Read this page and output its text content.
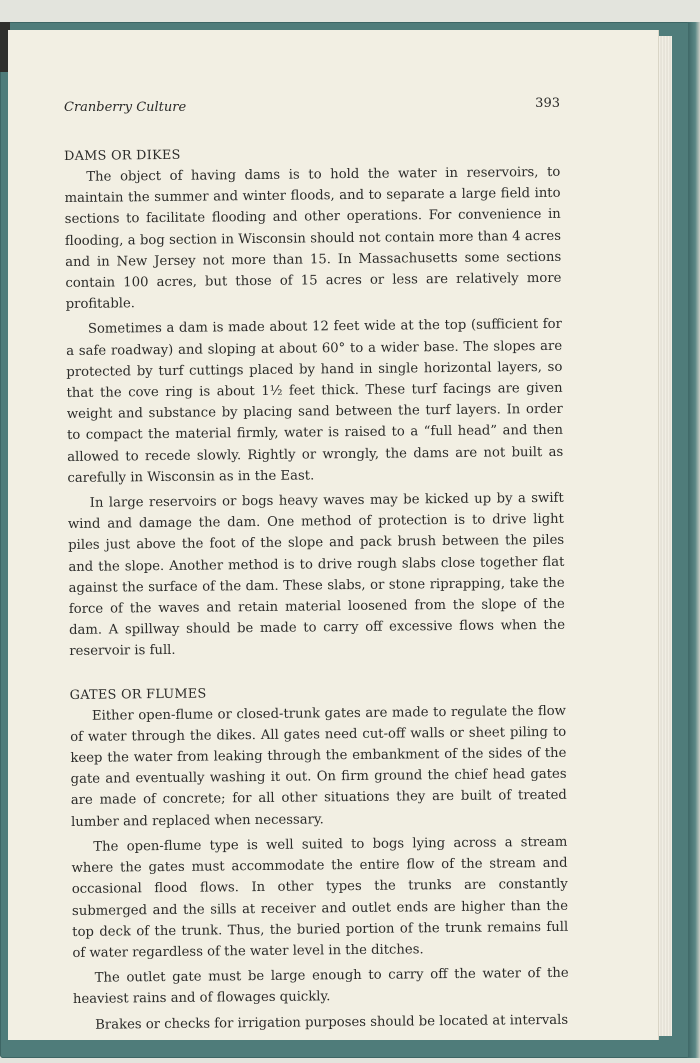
Cranberry Culture	393
DAMS OR DIKES

The object of having dams is to hold the water in reservoirs, to maintain the summer and winter floods, and to separate a large field into sections to facilitate flooding and other operations. For convenience in flooding, a bog section in Wisconsin should not contain more than 4 acres and in New Jersey not more than 15. In Massachusetts some sections contain 100 acres, but those of 15 acres or less are relatively more profitable.

Sometimes a dam is made about 12 feet wide at the top (sufficient for a safe roadway) and sloping at about 60° to a wider base. The slopes are protected by turf cuttings placed by hand in single horizontal layers, so that the cove ring is about 1½ feet thick. These turf facings are given weight and substance by placing sand between the turf layers. In order to compact the material firmly, water is raised to a “full head” and then allowed to recede slowly. Rightly or wrongly, the dams are not built as carefully in Wisconsin as in the East.

In large reservoirs or bogs heavy waves may be kicked up by a swift wind and damage the dam. One method of protection is to drive light piles just above the foot of the slope and pack brush between the piles and the slope. Another method is to drive rough slabs close together flat against the surface of the dam. These slabs, or stone riprapping, take the force of the waves and retain material loosened from the slope of the dam. A spillway should be made to carry off excessive flows when the reservoir is full.

GATES OR FLUMES

Either open-flume or closed-trunk gates are made to regulate the flow of water through the dikes. All gates need cut-off walls or sheet piling to keep the water from leaking through the embankment of the sides of the gate and eventually washing it out. On firm ground the chief head gates are made of concrete; for all other situations they are built of treated lumber and replaced when necessary.

The open-flume type is well suited to bogs lying across a stream where the gates must accommodate the entire flow of the stream and occasional flood flows. In other types the trunks are constantly submerged and the sills at receiver and outlet ends are higher than the top deck of the trunk. Thus, the buried portion of the trunk remains full of water regardless of the water level in the ditches.

The outlet gate must be large enough to carry off the water of the heaviest rains and of flowages quickly.

Brakes or checks for irrigation purposes should be located at intervals
